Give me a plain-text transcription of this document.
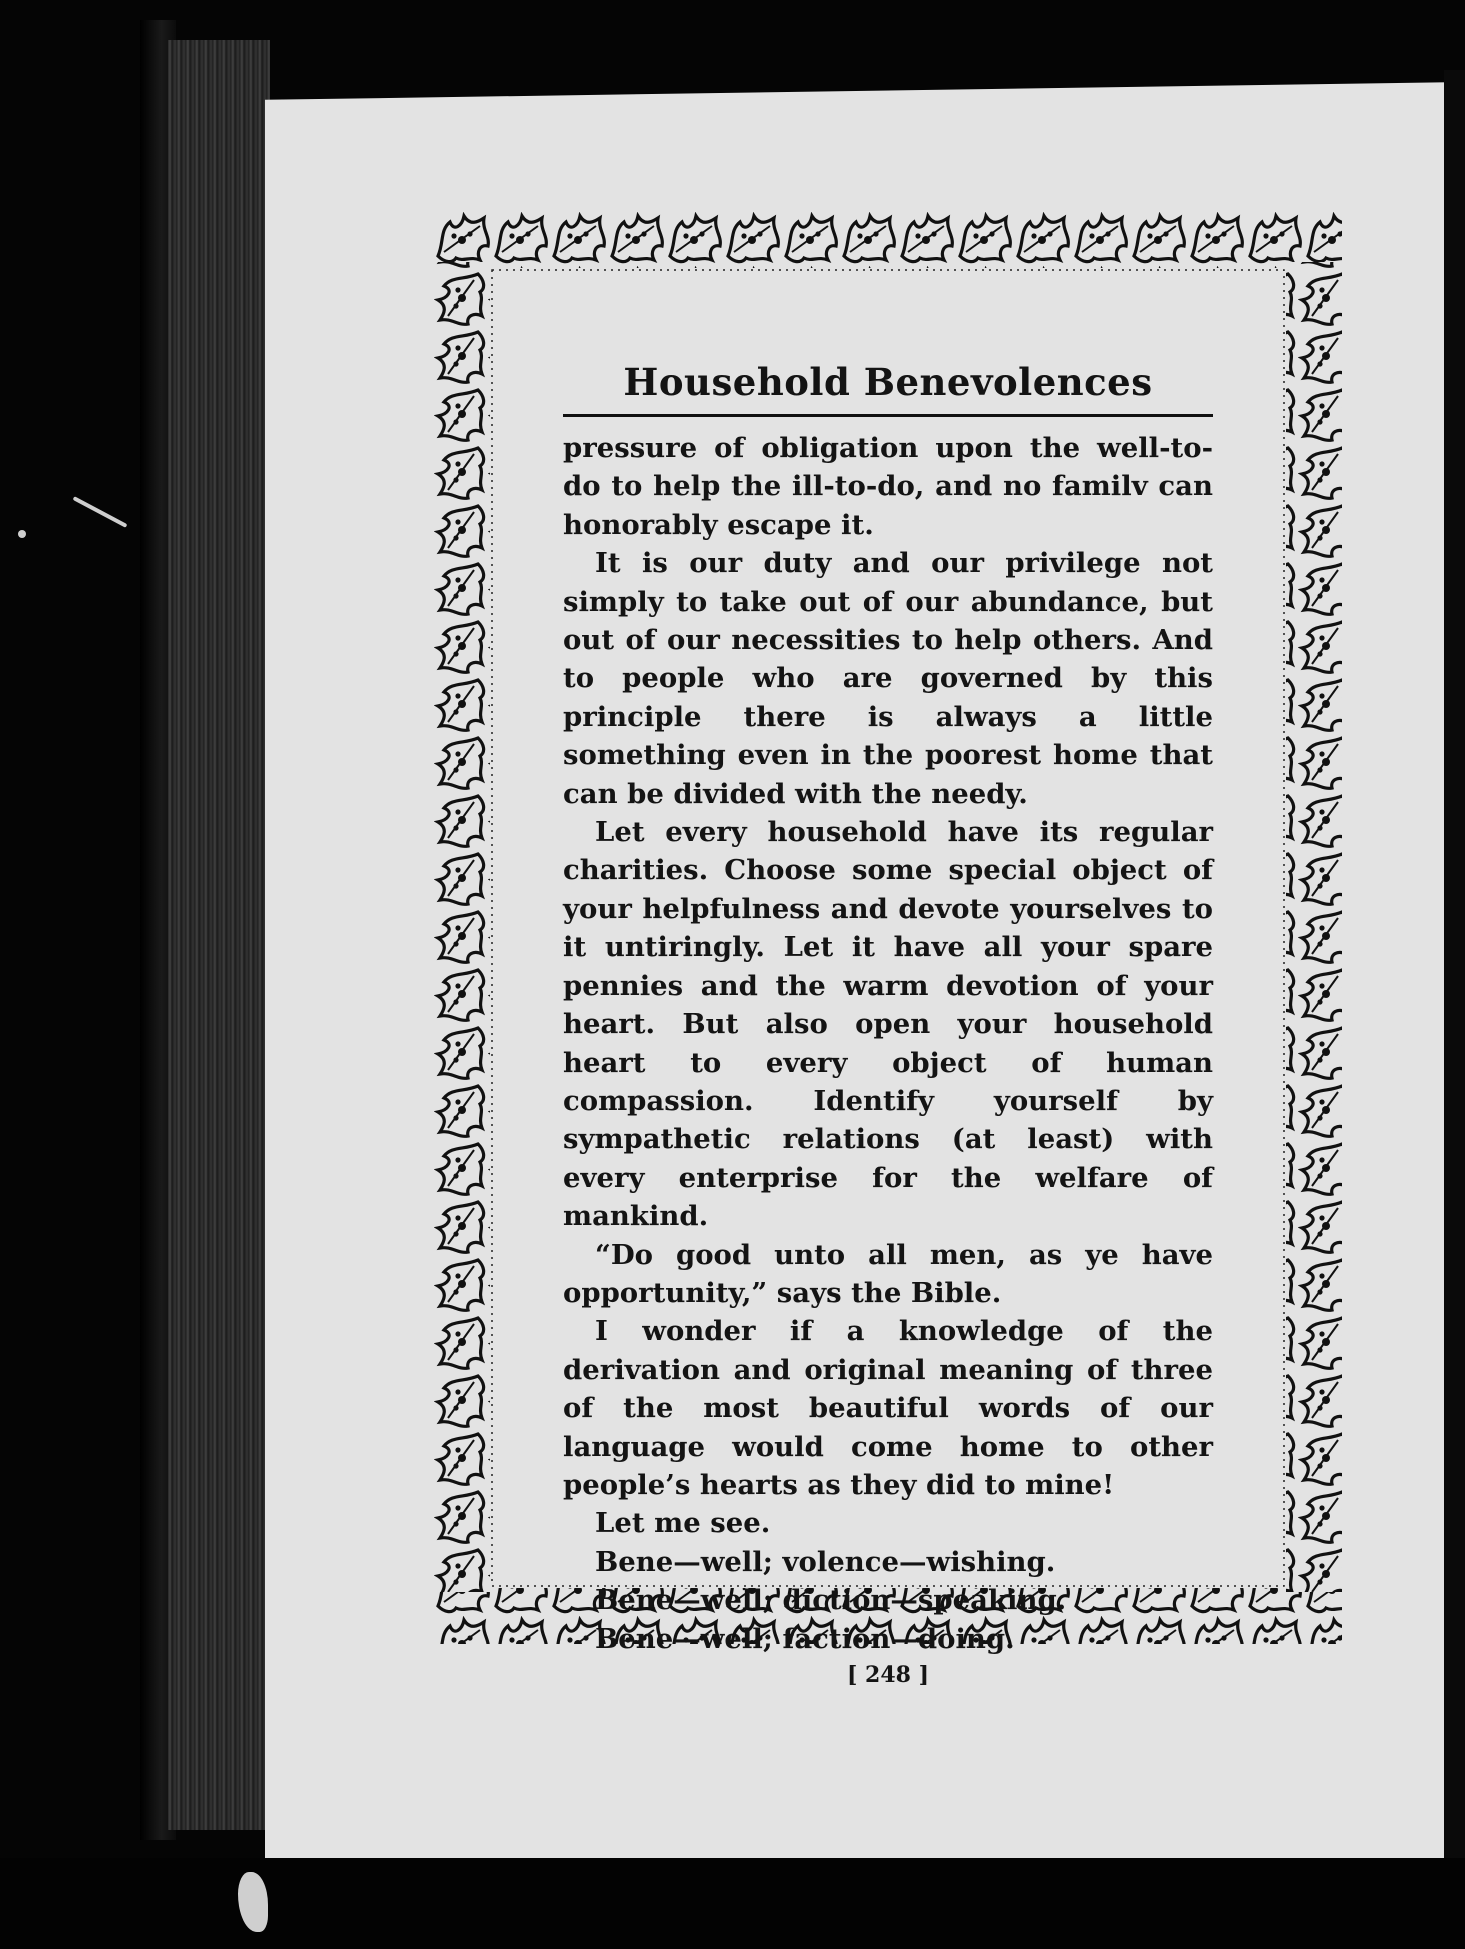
Household Benevolences

pressure of obligation upon the well-to-do to help the ill-to-do, and no familv can honorably escape it.

It is our duty and our privilege not simply to take out of our abundance, but out of our necessities to help others. And to people who are governed by this principle there is always a little something even in the poorest home that can be divided with the needy.

Let every household have its regular charities. Choose some special object of your helpfulness and devote yourselves to it untiringly. Let it have all your spare pennies and the warm devotion of your heart. But also open your household heart to every object of human compassion. Identify yourself by sympathetic relations (at least) with every enterprise for the welfare of mankind.

“Do good unto all men, as ye have opportunity,” says the Bible.

I wonder if a knowledge of the derivation and original meaning of three of the most beautiful words of our language would come home to other people’s hearts as they did to mine!

Let me see.

Bene—well; volence—wishing.

Bene—well; diction—speaking.

Bene—well; faction—doing.

[ 248 ]
